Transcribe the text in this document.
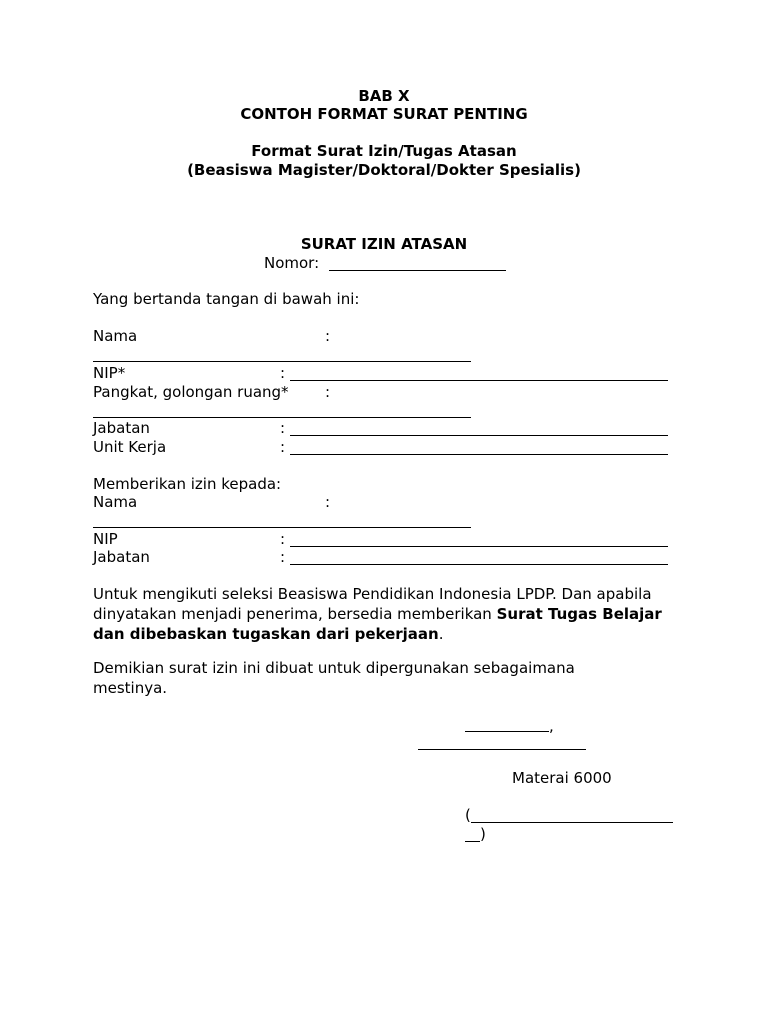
BAB X
CONTOH FORMAT SURAT PENTING
Format Surat Izin/Tugas Atasan
(Beasiswa Magister/Doktoral/Dokter Spesialis)
SURAT IZIN ATASAN
Nomor:
Yang bertanda tangan di bawah ini:
Nama	:
NIP*	:
Pangkat, golongan ruang* :
Jabatan	:
Unit Kerja	:
Memberikan izin kepada:
Nama	:
NIP	:
Jabatan	:

Untuk mengikuti seleksi Beasiswa Pendidikan Indonesia LPDP. Dan apabila dinyatakan menjadi penerima, bersedia memberikan Surat Tugas Belajar dan dibebaskan tugaskan dari pekerjaan.

Demikian surat izin ini dibuat untuk dipergunakan sebagaimana mestinya.

,
Materai 6000
(
)
